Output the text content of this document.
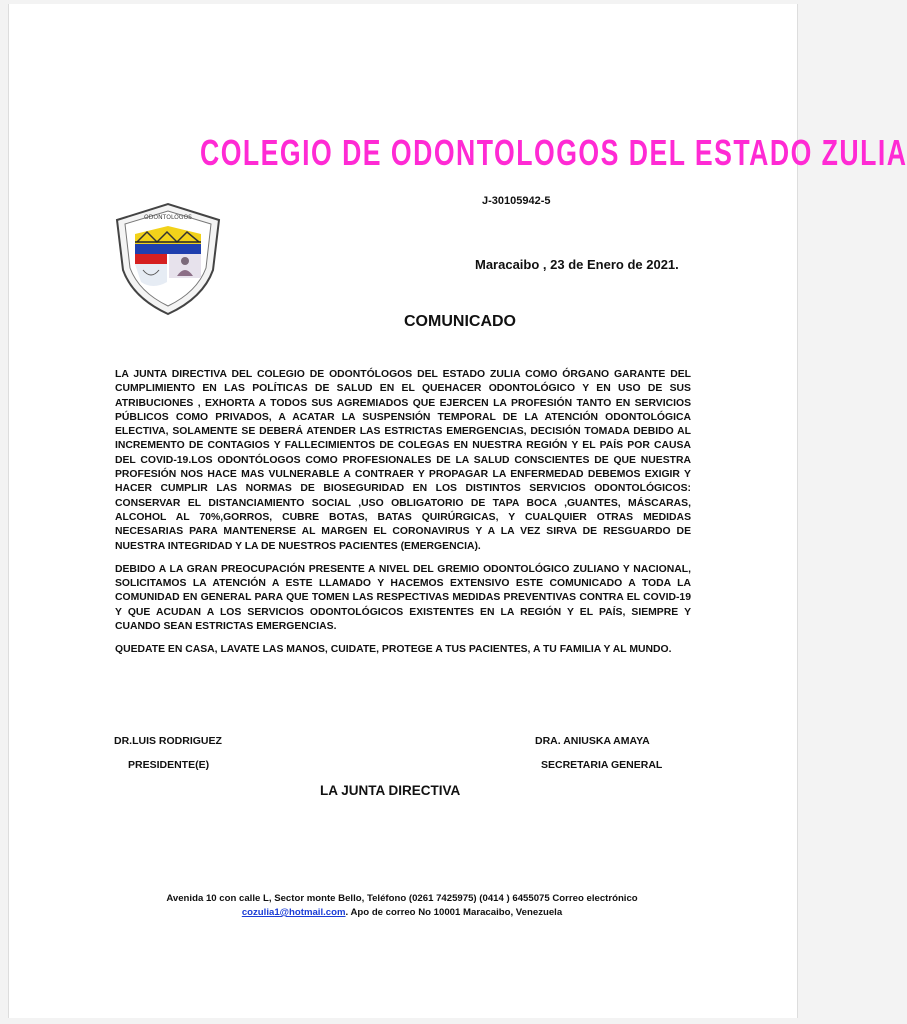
COLEGIO DE ODONTOLOGOS DEL ESTADO ZULIA
J-30105942-5
ODONTOLOGOS
Maracaibo , 23 de Enero de 2021.
COMUNICADO

LA JUNTA DIRECTIVA DEL COLEGIO DE ODONTÓLOGOS DEL ESTADO ZULIA COMO ÓRGANO GARANTE DEL CUMPLIMIENTO EN LAS POLÍTICAS DE SALUD EN EL QUEHACER ODONTOLÓGICO Y EN USO DE SUS ATRIBUCIONES , EXHORTA A TODOS SUS AGREMIADOS QUE EJERCEN LA PROFESIÓN TANTO EN SERVICIOS PÚBLICOS COMO PRIVADOS, A ACATAR LA SUSPENSIÓN TEMPORAL DE LA ATENCIÓN ODONTOLÓGICA ELECTIVA, SOLAMENTE SE DEBERÁ ATENDER LAS ESTRICTAS EMERGENCIAS, DECISIÓN TOMADA DEBIDO AL INCREMENTO DE CONTAGIOS Y FALLECIMIENTOS DE COLEGAS EN NUESTRA REGIÓN Y EL PAÍS POR CAUSA DEL COVID-19.LOS ODONTÓLOGOS COMO PROFESIONALES DE LA SALUD CONSCIENTES DE QUE NUESTRA PROFESIÓN NOS HACE MAS VULNERABLE A CONTRAER Y PROPAGAR LA ENFERMEDAD DEBEMOS EXIGIR Y HACER CUMPLIR LAS NORMAS DE BIOSEGURIDAD EN LOS DISTINTOS SERVICIOS ODONTOLÓGICOS: CONSERVAR EL DISTANCIAMIENTO SOCIAL ,USO OBLIGATORIO DE TAPA BOCA ,GUANTES, MÁSCARAS, ALCOHOL AL 70%,GORROS, CUBRE BOTAS, BATAS QUIRÚRGICAS, Y CUALQUIER OTRAS MEDIDAS NECESARIAS PARA MANTENERSE AL MARGEN EL CORONAVIRUS Y A LA VEZ SIRVA DE RESGUARDO DE NUESTRA INTEGRIDAD Y LA DE NUESTROS PACIENTES (EMERGENCIA).

DEBIDO A LA GRAN PREOCUPACIÓN PRESENTE A NIVEL DEL GREMIO ODONTOLÓGICO ZULIANO Y NACIONAL, SOLICITAMOS LA ATENCIÓN A ESTE LLAMADO Y HACEMOS EXTENSIVO ESTE COMUNICADO A TODA LA COMUNIDAD EN GENERAL PARA QUE TOMEN LAS RESPECTIVAS MEDIDAS PREVENTIVAS CONTRA EL COVID-19 Y QUE ACUDAN A LOS SERVICIOS ODONTOLÓGICOS EXISTENTES EN LA REGIÓN Y EL PAÍS, SIEMPRE Y CUANDO SEAN ESTRICTAS EMERGENCIAS.

QUEDATE EN CASA, LAVATE LAS MANOS, CUIDATE, PROTEGE A TUS PACIENTES, A TU FAMILIA Y AL MUNDO.

DR.LUIS RODRIGUEZ	DRA. ANIUSKA AMAYA
PRESIDENTE(E)	SECRETARIA GENERAL
LA JUNTA DIRECTIVA
Avenida 10 con calle L, Sector monte Bello, Teléfono (0261 7425975) (0414 ) 6455075 Correo electrónico
cozulia1@hotmail.com. Apo de correo No 10001 Maracaibo, Venezuela
